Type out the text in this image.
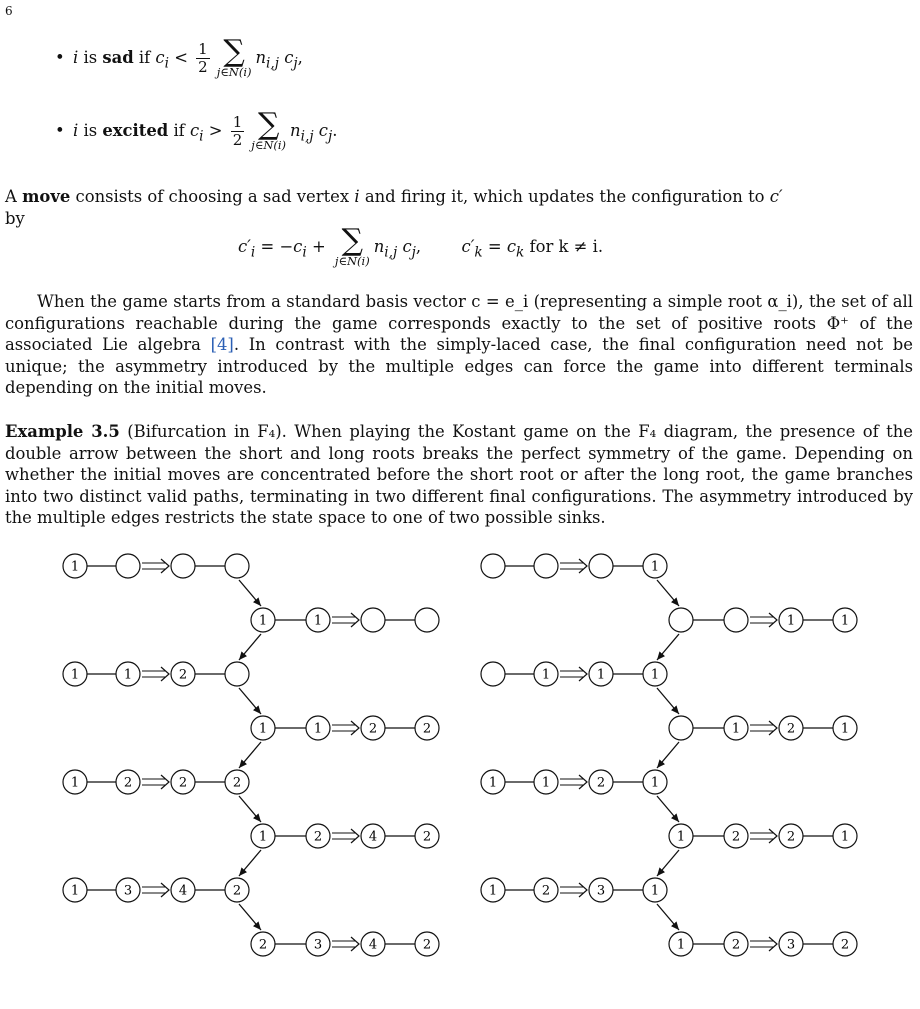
6
• i is sad if $c_i < \frac{1}{2}$ ∑
j∈N(i)
$n_{i,j}$ $c_j$,
• i is excited if $c_i > \frac{1}{2}$ ∑
j∈N(i)
$n_{i,j}$ $c_j$.

A move consists of choosing a sad vertex i and firing it, which updates the configuration to c′
by

$c'_i = -c_i$ + ∑
j∈N(i)
$n_{i,j}$ $c_j$, $c'_k = c_k$ for k ≠ i.

When the game starts from a standard basis vector c = e_i (representing a simple root α_i), the set of all configurations reachable during the game corresponds exactly to the set of positive roots Φ⁺ of the associated Lie algebra [4]. In contrast with the simply-laced case, the final configuration need not be unique; the asymmetry introduced by the multiple edges can force the game into different terminals depending on the initial moves.

Example 3.5 (Bifurcation in F₄). When playing the Kostant game on the F₄ diagram, the presence of the double arrow between the short and long roots breaks the perfect symmetry of the game. Depending on whether the initial moves are concentrated before the short root or after the long root, the game branches into two distinct valid paths, terminating in two different final configurations. The asymmetry introduced by the multiple edges restricts the state space to one of two possible sinks.

1
1	1
1	1	2
1	1	2	2
1	2	2	2
1	2	4	2
1	3	4	2
2	3	4	2
1
1	1
1	1	1
1	2	1
1	1	2	1
1	2	2	1
1	2	3	1
1	2	3	2
